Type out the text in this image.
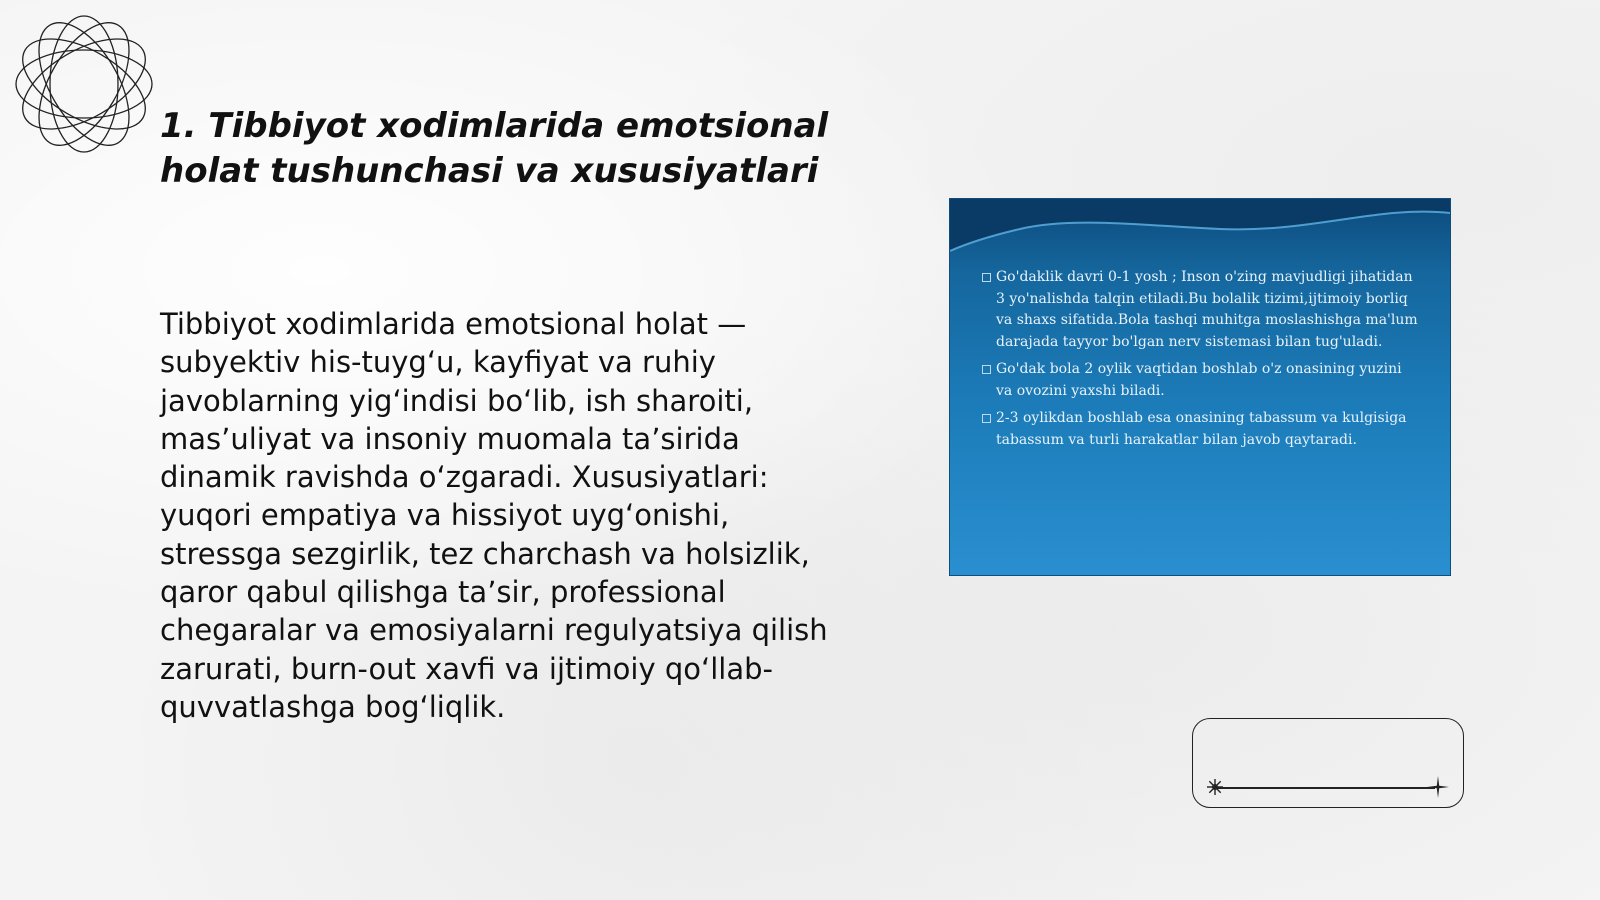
1. Tibbiyot xodimlarida emotsional holat tushunchasi va xususiyatlari

Tibbiyot xodimlarida emotsional holat — subyektiv his-tuyg‘u, kayfiyat va ruhiy javoblarning yig‘indisi bo‘lib, ish sharoiti, mas’uliyat va insoniy muomala ta’sirida dinamik ravishda o‘zgaradi. Xususiyatlari: yuqori empatiya va hissiyot uyg‘onishi, stressga sezgirlik, tez charchash va holsizlik, qaror qabul qilishga ta’sir, professional chegaralar va emosiyalarni regulyatsiya qilish zarurati, burn-out xavfi va ijtimoiy qo‘llab-quvvatlashga bog‘liqlik.

Go'daklik davri 0-1 yosh ; Inson o'zing mavjudligi jihatidan 3 yo'nalishda talqin etiladi.Bu bolalik tizimi,ijtimoiy borliq va shaxs sifatida.Bola tashqi muhitga moslashishga ma'lum darajada tayyor bo'lgan nerv sistemasi bilan tug'uladi.
Go'dak bola 2 oylik vaqtidan boshlab o'z onasining yuzini va ovozini yaxshi biladi.
2-3 oylikdan boshlab esa onasining tabassum va kulgisiga tabassum va turli harakatlar bilan javob qaytaradi.
